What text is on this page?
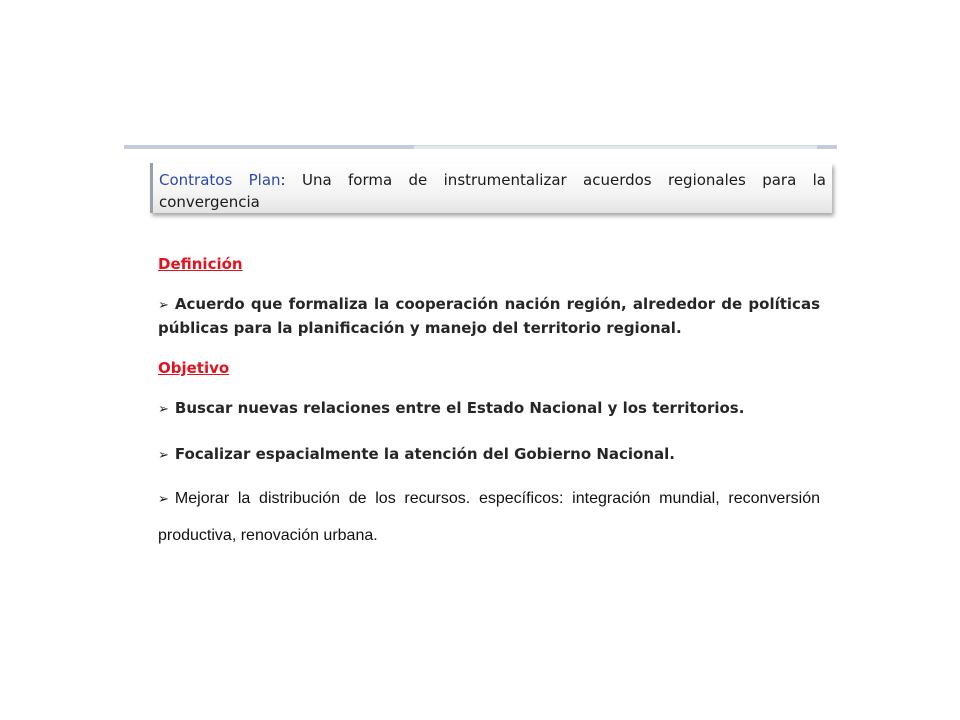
Contratos Plan: Una forma de instrumentalizar acuerdos regionales para la convergencia

Definición

➢ Acuerdo que formaliza la cooperación nación región, alrededor de políticas públicas para la planificación y manejo del territorio regional.

Objetivo

➢ Buscar nuevas relaciones entre el Estado Nacional y los territorios.

➢ Focalizar espacialmente la atención del Gobierno Nacional.

➢ Mejorar la distribución de los recursos. específicos: integración mundial, reconversión productiva, renovación urbana.
